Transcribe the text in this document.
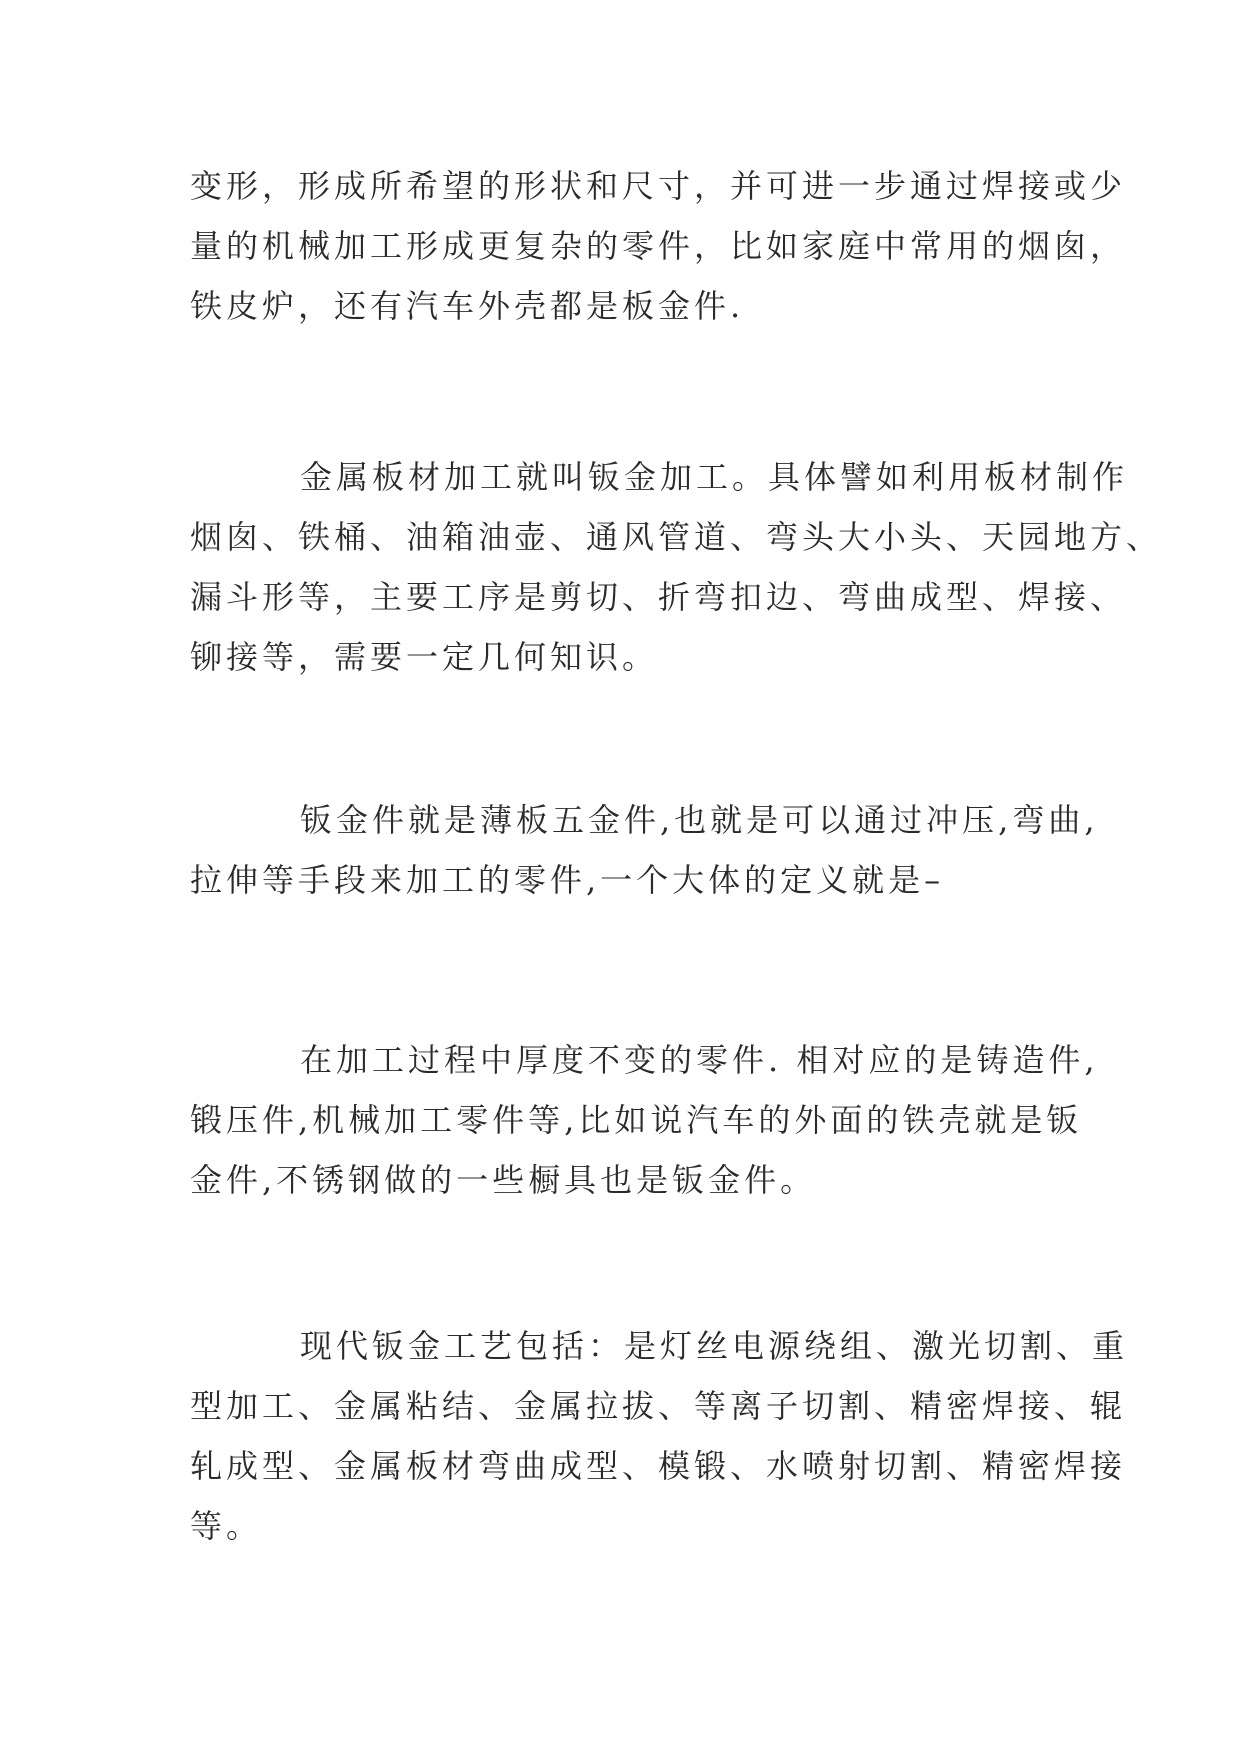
变形，形成所希望的形状和尺寸，并可进一步通过焊接或少
量的机械加工形成更复杂的零件，比如家庭中常用的烟囱，
铁皮炉，还有汽车外壳都是板金件.

金属板材加工就叫钣金加工。具体譬如利用板材制作
烟囱、铁桶、油箱油壶、通风管道、弯头大小头、天园地方、
漏斗形等，主要工序是剪切、折弯扣边、弯曲成型、焊接、
铆接等，需要一定几何知识。

钣金件就是薄板五金件,也就是可以通过冲压,弯曲,
拉伸等手段来加工的零件,一个大体的定义就是–

在加工过程中厚度不变的零件. 相对应的是铸造件,
锻压件,机械加工零件等,比如说汽车的外面的铁壳就是钣
金件,不锈钢做的一些橱具也是钣金件。

现代钣金工艺包括：是灯丝电源绕组、激光切割、重
型加工、金属粘结、金属拉拔、等离子切割、精密焊接、辊
轧成型、金属板材弯曲成型、模锻、水喷射切割、精密焊接
等。
